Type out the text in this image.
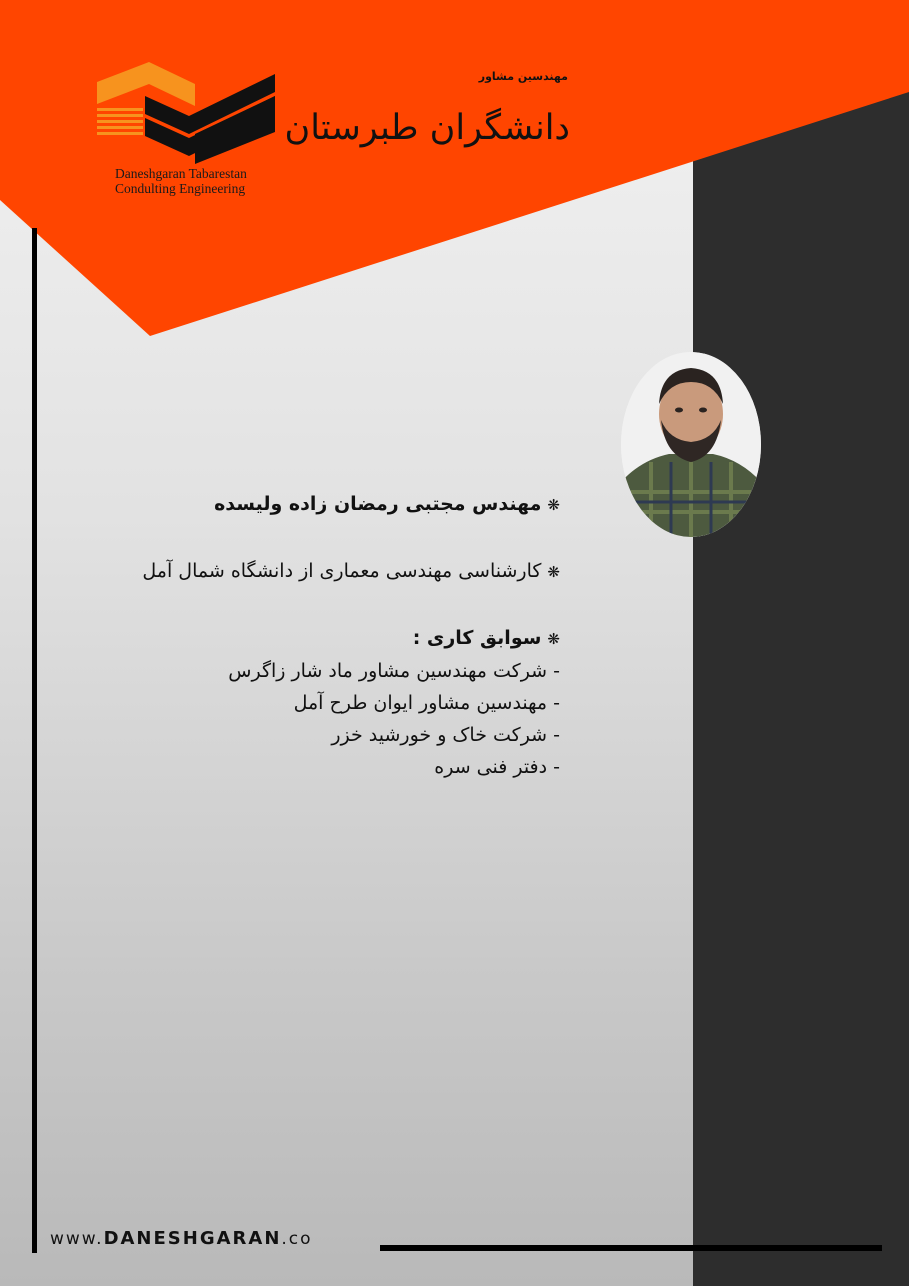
Daneshgaran Tabarestan
Condulting Engineering
مهندسین مشاور
دانشگران طبرستان
❋مهندس مجتبی رمضان زاده ولیسده
❋کارشناسی مهندسی معماری از دانشگاه شمال آمل
❋سوابق کاری :
- شرکت مهندسین مشاور ماد شار زاگرس
- مهندسین مشاور ایوان طرح آمل
- شرکت خاک و خورشید خزر
- دفتر فنی سره
www.DANESHGARAN.co
